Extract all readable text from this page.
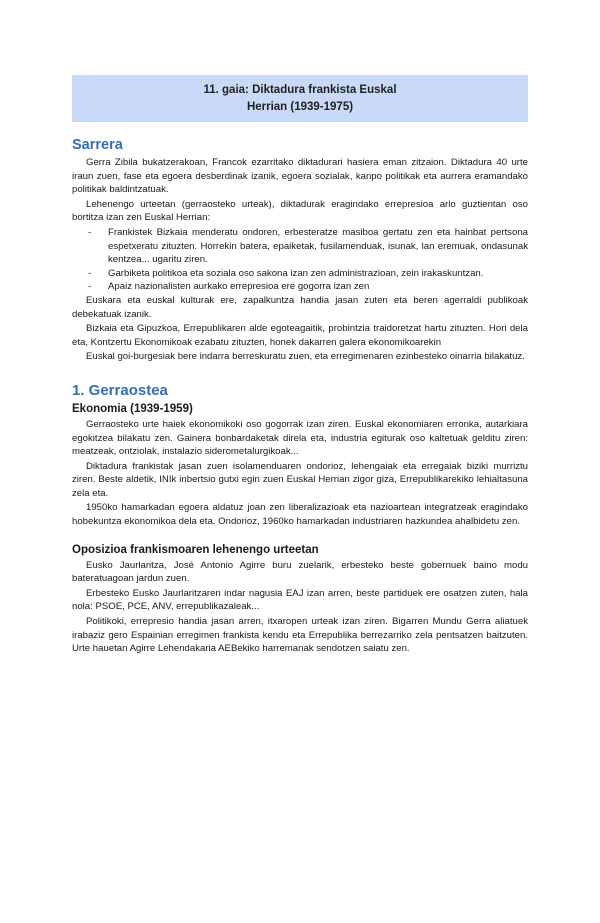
11. gaia: Diktadura frankista Euskal
Herrian (1939-1975)
Sarrera

Gerra Zibila bukatzerakoan, Francok ezarritako diktadurari hasiera eman zitzaion. Diktadura 40 urte iraun zuen, fase eta egoera desberdinak izanik, egoera sozialak, kanpo politikak eta aurrera eramandako politikak baldintzatuak.

Lehenengo urteetan (gerraosteko urteak), diktadurak eragindako errepresioa arlo guztientan oso bortitza izan zen Euskal Herrian:

- Frankistek Bizkaia menderatu ondoren, erbesteratze masiboa gertatu zen eta hainbat pertsona espetxeratu zituzten. Horrekin batera, epaiketak, fusilamenduak, isunak, lan eremuak, ondasunak kentzea... ugaritu ziren.
- Garbiketa politikoa eta soziala oso sakona izan zen administrazioan, zein irakaskuntzan.
- Apaiz nazionalisten aurkako errepresioa ere gogorra izan zen

Euskara eta euskal kulturak ere, zapalkuntza handia jasan zuten eta beren agerraldi publikoak debekatuak izanik.

Bizkaia eta Gipuzkoa, Errepublikaren alde egoteagaitik, probintzia traidoretzat hartu zituzten. Hori dela eta, Kontzertu Ekonomikoak ezabatu zituzten, honek dakarren galera ekonomikoarekin

Euskal goi-burgesiak bere indarra berreskuratu zuen, eta erregimenaren ezinbesteko oinarria bilakatuz.

1. Gerraostea
Ekonomia (1939-1959)

Gerraosteko urte haiek ekonomikoki oso gogorrak izan ziren. Euskal ekonomiaren erronka, autarkiara egokitzea bilakatu zen. Gainera bonbardaketak direla eta, industria egiturak oso kaltetuak gelditu ziren: meatzeak, ontziolak, instalazio siderometalurgikoak...

Diktadura frankistak jasan zuen isolamenduaren ondorioz, lehengaiak eta erregaiak biziki murriztu ziren. Beste aldetik, INIk inbertsio gutxi egin zuen Euskal Herrian zigor giza, Errepublikarekiko lehialtasuna zela eta.

1950ko hamarkadan egoera aldatuz joan zen liberalizazioak eta nazioartean integratzeak eragindako hobekuntza ekonomikoa dela eta. Ondorioz, 1960ko hamarkadan industriaren hazkundea ahalbidetu zen.

Oposizioa frankismoaren lehenengo urteetan

Eusko Jaurlaritza, José Antonio Agirre buru zuelarik, erbesteko beste gobernuek baino modu bateratuagoan jardun zuen.

Erbesteko Eusko Jaurlaritzaren indar nagusia EAJ izan arren, beste partiduek ere osatzen zuten, hala nola: PSOE, PCE, ANV, errepublikazaleak...

Politikoki, errepresio handia jasan arren, itxaropen urteak izan ziren. Bigarren Mundu Gerra aliatuek irabaziz gero Espainian erregimen frankista kendu eta Errepublika berrezarriko zela pentsatzen baitzuten. Urte hauetan Agirre Lehendakaria AEBekiko harremanak sendotzen saiatu zen.
